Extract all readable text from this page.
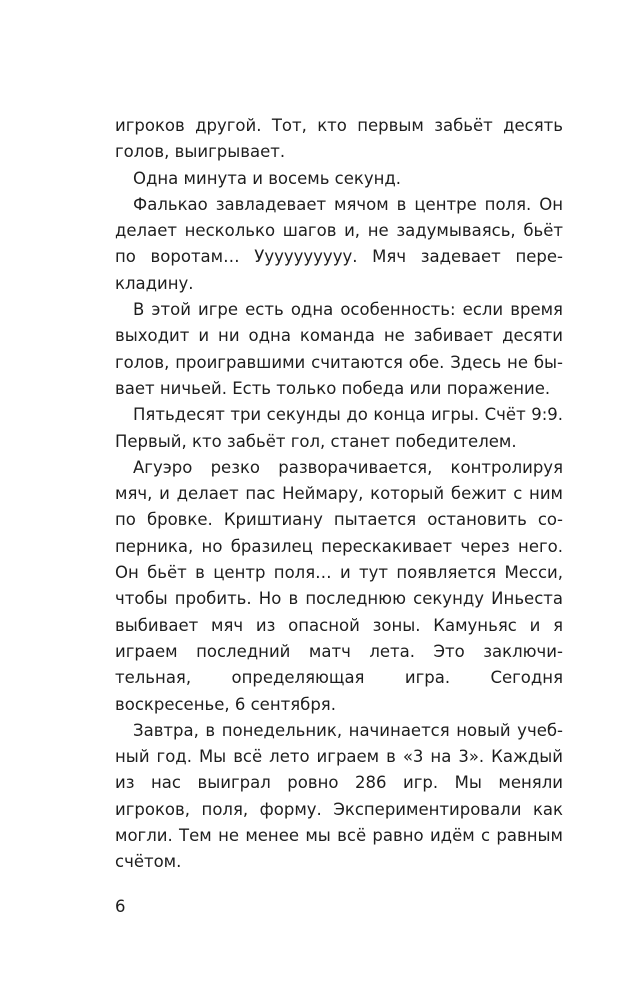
игроков другой. Тот, кто первым забьёт десять голов, выигрывает.

Одна минута и восемь секунд.

Фалькао завладевает мячом в центре поля. Он делает несколько шагов и, не задумываясь, бьёт по воротам… Уууууууууу. Мяч задевает перекладину.

В этой игре есть одна особенность: если время выходит и ни одна команда не забивает десяти голов, проигравшими считаются обе. Здесь не бывает ничьей. Есть только победа или поражение.

Пятьдесят три секунды до конца игры. Счёт 9:9. Первый, кто забьёт гол, станет победителем.

Агуэро резко разворачивается, контролируя мяч, и делает пас Неймару, который бежит с ним по бровке. Криштиану пытается остановить соперника, но бразилец перескакивает через него. Он бьёт в центр поля… и тут появляется Месси, чтобы пробить. Но в последнюю секунду Иньеста выбивает мяч из опасной зоны. Камуньяс и я играем последний матч лета. Это заключительная, определяющая игра. Сегодня воскресенье, 6 сентября.

Завтра, в понедельник, начинается новый учебный год. Мы всё лето играем в «3 на 3». Каждый из нас выиграл ровно 286 игр. Мы меняли игроков, поля, форму. Экспериментировали как могли. Тем не менее мы всё равно идём с равным счётом.

6
